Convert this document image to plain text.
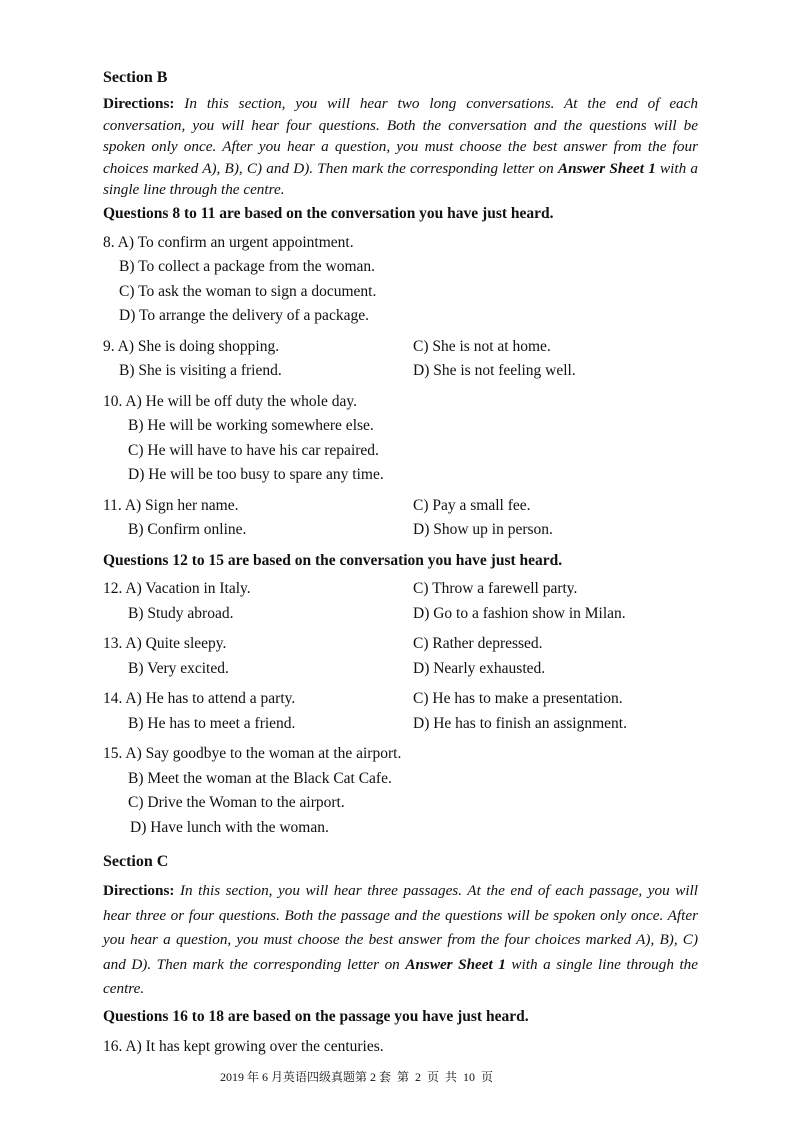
Section B
Directions: In this section, you will hear two long conversations. At the end of each conversation, you will hear four questions. Both the conversation and the questions will be spoken only once. After you hear a question, you must choose the best answer from the four choices marked A), B), C) and D). Then mark the corresponding letter on Answer Sheet 1 with a single line through the centre.
Questions 8 to 11 are based on the conversation you have just heard.
8. A) To confirm an urgent appointment.
B) To collect a package from the woman.
C) To ask the woman to sign a document.
D) To arrange the delivery of a package.
9. A) She is doing shopping.	C) She is not at home.
B) She is visiting a friend.	D) She is not feeling well.
10. A) He will be off duty the whole day.
B) He will be working somewhere else.
C) He will have to have his car repaired.
D) He will be too busy to spare any time.
11. A) Sign her name.	C) Pay a small fee.
B) Confirm online.	D) Show up in person.
Questions 12 to 15 are based on the conversation you have just heard.
12. A) Vacation in Italy.	C) Throw a farewell party.
B) Study abroad.	D) Go to a fashion show in Milan.
13. A) Quite sleepy.	C) Rather depressed.
B) Very excited.	D) Nearly exhausted.
14. A) He has to attend a party.	C) He has to make a presentation.
B) He has to meet a friend.	D) He has to finish an assignment.
15. A) Say goodbye to the woman at the airport.
B) Meet the woman at the Black Cat Cafe.
C) Drive the Woman to the airport.
D) Have lunch with the woman.
Section C
Directions: In this section, you will hear three passages. At the end of each passage, you will hear three or four questions. Both the passage and the questions will be spoken only once. After you hear a question, you must choose the best answer from the four choices marked A), B), C) and D). Then mark the corresponding letter on Answer Sheet 1 with a single line through the centre.
Questions 16 to 18 are based on the passage you have just heard.
16. A) It has kept growing over the centuries.
2019 年 6 月英语四级真题第 2 套  第  2  页  共  10  页
